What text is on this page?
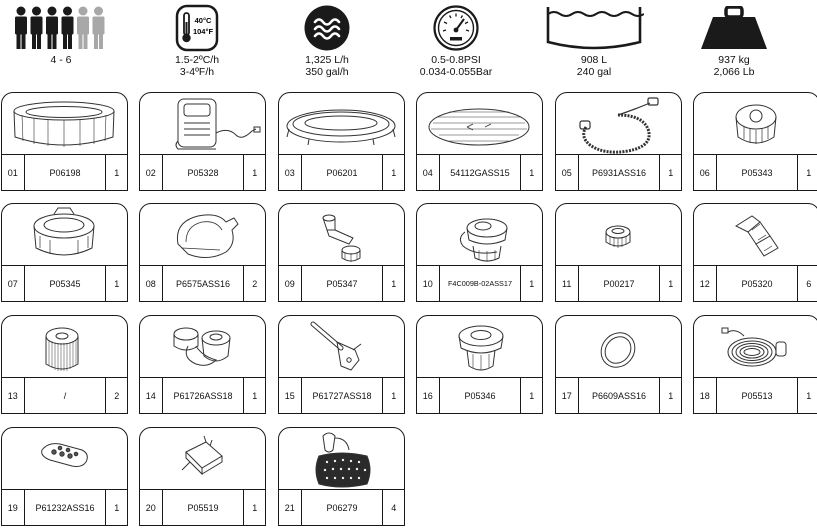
4 - 6
40°C
104°F
1.5-2ºC/h
3-4ºF/h
1,325 L/h
350 gal/h
0.5-0.8PSI
0.034-0.055Bar
908 L
240 gal
937 kg
2,066 Lb
01	P06198	1	02	P05328	1	03	P06201	1	04	54112GASS15	1	05	P6931ASS16	1	06	P05343	1
07	P05345	1	08	P6575ASS16	2	09	P05347	1	10	F4C009B-02ASS17	1	11	P00217	1	12	P05320	6
13	/	2	14	P61726ASS18	1	15	P61727ASS18	1	16	P05346	1	17	P6609ASS16	1	18	P05513	1
19	P61232ASS16	1	20	P05519	1	21	P06279	4
